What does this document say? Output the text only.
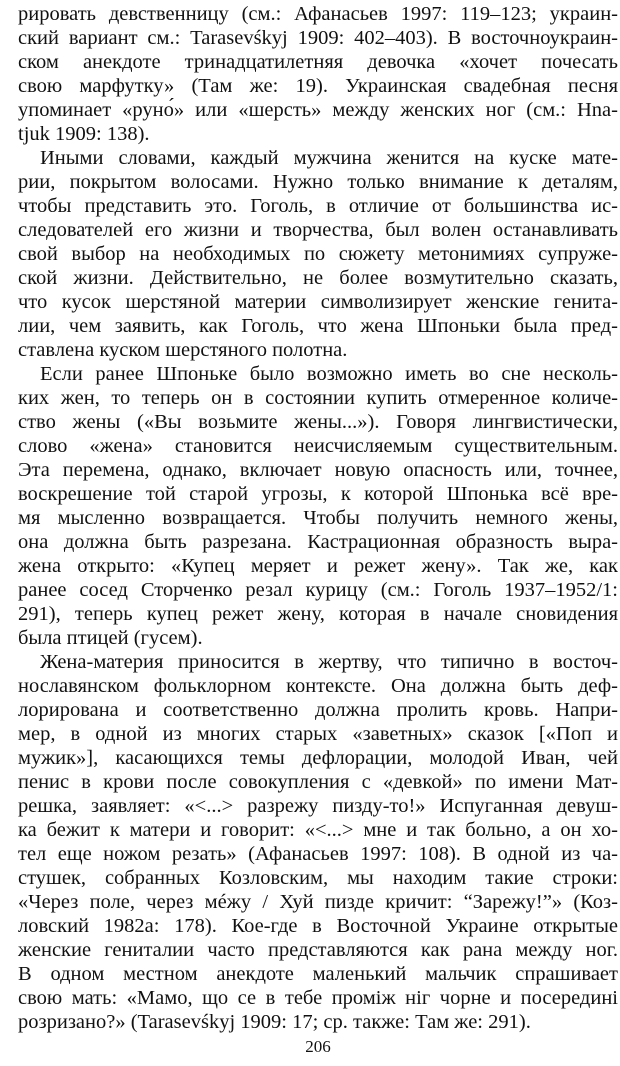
рировать девственницу (см.: Афанасьев 1997: 119–123; украин-
ский вариант см.: Tarasevśkyj 1909: 402–403). В восточноукраин-
ском анекдоте тринадцатилетняя девочка «хочет почесать
свою марфутку» (Там же: 19). Украинская свадебная песня
упоминает «руно́» или «шерсть» между женских ног (см.: Hna-
tjuk 1909: 138).
Иными словами, каждый мужчина женится на куске мате-
рии, покрытом волосами. Нужно только внимание к деталям,
чтобы представить это. Гоголь, в отличие от большинства ис-
следователей его жизни и творчества, был волен останавливать
свой выбор на необходимых по сюжету метонимиях супруже-
ской жизни. Действительно, не более возмутительно сказать,
что кусок шерстяной материи символизирует женские генита-
лии, чем заявить, как Гоголь, что жена Шпоньки была пред-
ставлена куском шерстяного полотна.
Если ранее Шпоньке было возможно иметь во сне несколь-
ких жен, то теперь он в состоянии купить отмеренное количе-
ство жены («Вы возьмите жены...»). Говоря лингвистически,
слово «жена» становится неисчисляемым существительным.
Эта перемена, однако, включает новую опасность или, точнее,
воскрешение той старой угрозы, к которой Шпонька всё вре-
мя мысленно возвращается. Чтобы получить немного жены,
она должна быть разрезана. Кастрационная образность выра-
жена открыто: «Купец меряет и режет жену». Так же, как
ранее сосед Сторченко резал курицу (см.: Гоголь 1937–1952/1:
291), теперь купец режет жену, которая в начале сновидения
была птицей (гусем).
Жена-материя приносится в жертву, что типично в восточ-
нославянском фольклорном контексте. Она должна быть деф-
лорирована и соответственно должна пролить кровь. Напри-
мер, в одной из многих старых «заветных» сказок [«Поп и
мужик»], касающихся темы дефлорации, молодой Иван, чей
пенис в крови после совокупления с «девкой» по имени Мат-
решка, заявляет: «<...> разрежу пизду-то!» Испуганная девуш-
ка бежит к матери и говорит: «<...> мне и так больно, а он хо-
тел еще ножом резать» (Афанасьев 1997: 108). В одной из ча-
стушек, собранных Козловским, мы находим такие строки:
«Через поле, через мéжу / Хуй пизде кричит: “Зарежу!”» (Коз-
ловский 1982а: 178). Кое-где в Восточной Украине открытые
женские гениталии часто представляются как рана между ног.
В одном местном анекдоте маленький мальчик спрашивает
свою мать: «Мамо, що се в тебе проміж ніг чорне и посередині
розризано?» (Tarasevśkyj 1909: 17; ср. также: Там же: 291).
206
